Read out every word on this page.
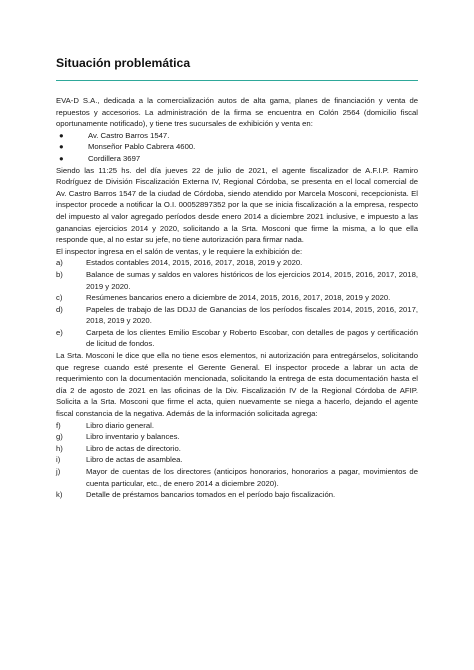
Situación problemática

EVA-D S.A., dedicada a la comercialización autos de alta gama, planes de financiación y venta de repuestos y accesorios. La administración de la firma se encuentra en Colón 2564 (domicilio fiscal oportunamente notificado), y tiene tres sucursales de exhibición y venta en:

●	Av. Castro Barros 1547.
●	Monseñor Pablo Cabrera 4600.
●	Cordillera 3697

Siendo las 11:25 hs. del día jueves 22 de julio de 2021, el agente fiscalizador de A.F.I.P. Ramiro Rodríguez de División Fiscalización Externa IV, Regional Córdoba, se presenta en el local comercial de Av. Castro Barros 1547 de la ciudad de Córdoba, siendo atendido por Marcela Mosconi, recepcionista. El inspector procede a notificar la O.I. 00052897352 por la que se inicia fiscalización a la empresa, respecto del impuesto al valor agregado períodos desde enero 2014 a diciembre 2021 inclusive, e impuesto a las ganancias ejercicios 2014 y 2020, solicitando a la Srta. Mosconi que firme la misma, a lo que ella responde que, al no estar su jefe, no tiene autorización para firmar nada.

El inspector ingresa en el salón de ventas, y le requiere la exhibición de:

a)	Estados contables 2014, 2015, 2016, 2017, 2018, 2019 y 2020.
b)	Balance de sumas y saldos en valores históricos de los ejercicios 2014, 2015, 2016, 2017, 2018, 2019 y 2020.
c)	Resúmenes bancarios enero a diciembre de 2014, 2015, 2016, 2017, 2018, 2019 y 2020.
d)	Papeles de trabajo de las DDJJ de Ganancias de los períodos fiscales 2014, 2015, 2016, 2017, 2018, 2019 y 2020.
e)	Carpeta de los clientes Emilio Escobar y Roberto Escobar, con detalles de pagos y certificación de licitud de fondos.

La Srta. Mosconi le dice que ella no tiene esos elementos, ni autorización para entregárselos, solicitando que regrese cuando esté presente el Gerente General. El inspector procede a labrar un acta de requerimiento con la documentación mencionada, solicitando la entrega de esta documentación hasta el día 2 de agosto de 2021 en las oficinas de la Div. Fiscalización IV de la Regional Córdoba de AFIP. Solicita a la Srta. Mosconi que firme el acta, quien nuevamente se niega a hacerlo, dejando el agente fiscal constancia de la negativa. Además de la información solicitada agrega:

f)	Libro diario general.
g)	Libro inventario y balances.
h)	Libro de actas de directorio.
i)	Libro de actas de asamblea.
j)	Mayor de cuentas de los directores (anticipos honorarios, honorarios a pagar, movimientos de cuenta particular, etc., de enero 2014 a diciembre 2020).
k)	Detalle de préstamos bancarios tomados en el período bajo fiscalización.
